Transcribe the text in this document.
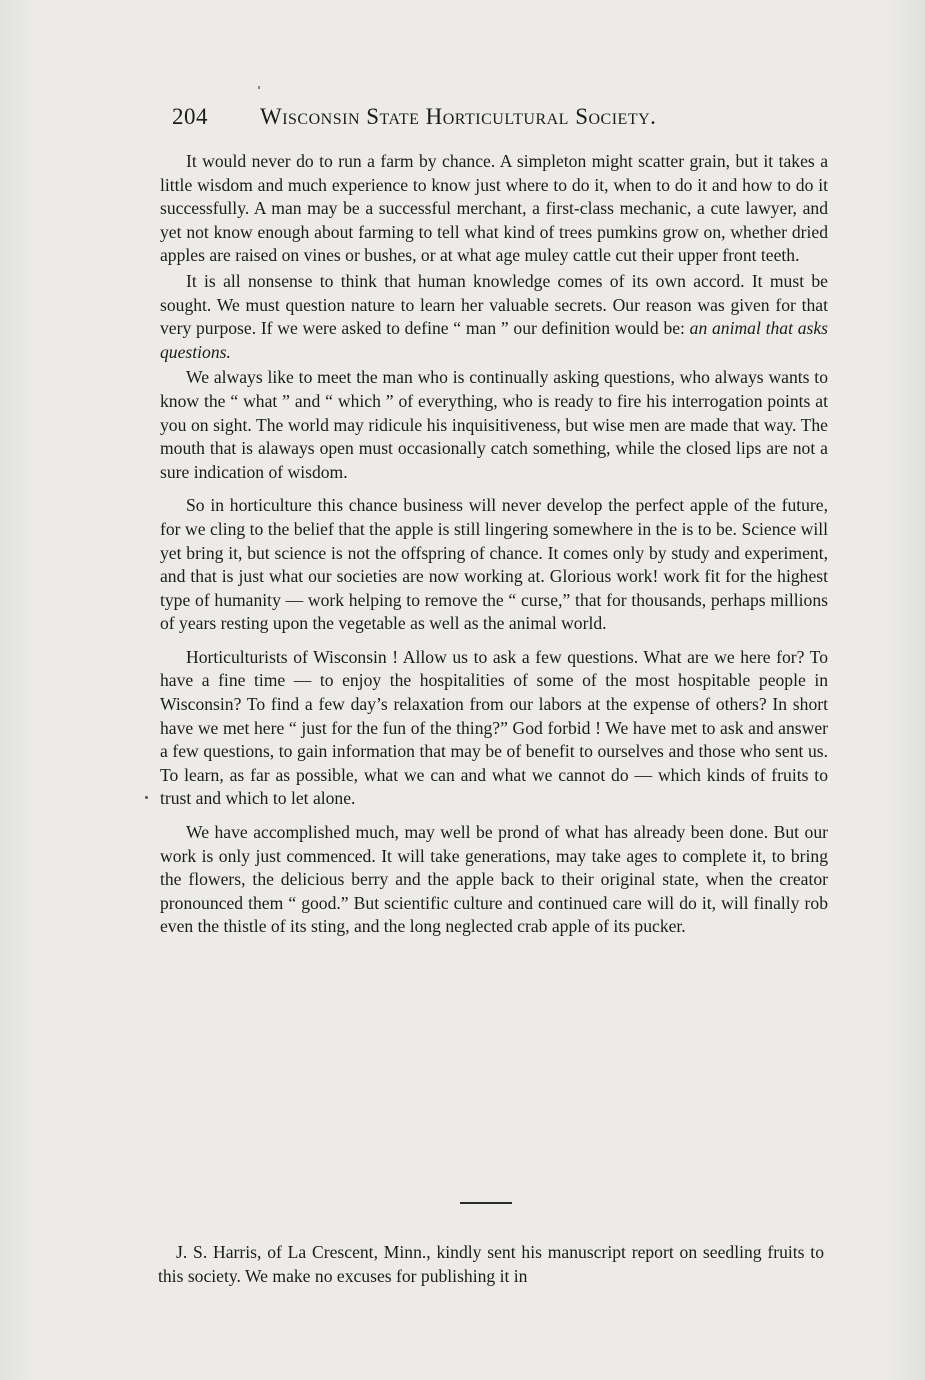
204 Wisconsin State Horticultural Society.

It would never do to run a farm by chance. A simpleton might scatter grain, but it takes a little wisdom and much experience to know just where to do it, when to do it and how to do it successfully. A man may be a successful merchant, a first-class mechanic, a cute lawyer, and yet not know enough about farming to tell what kind of trees pumkins grow on, whether dried apples are raised on vines or bushes, or at what age muley cattle cut their upper front teeth.

It is all nonsense to think that human knowledge comes of its own accord. It must be sought. We must question nature to learn her valuable secrets. Our reason was given for that very purpose. If we were asked to define “ man ” our definition would be: an animal that asks questions.

We always like to meet the man who is continually asking questions, who always wants to know the “ what ” and “ which ” of everything, who is ready to fire his interrogation points at you on sight. The world may ridicule his inquisitiveness, but wise men are made that way. The mouth that is alaways open must occasionally catch something, while the closed lips are not a sure indication of wisdom.

So in horticulture this chance business will never develop the perfect apple of the future, for we cling to the belief that the apple is still lingering somewhere in the is to be. Science will yet bring it, but science is not the offspring of chance. It comes only by study and experiment, and that is just what our societies are now working at. Glorious work! work fit for the highest type of humanity — work helping to remove the “ curse,” that for thousands, perhaps millions of years resting upon the vegetable as well as the animal world.

Horticulturists of Wisconsin ! Allow us to ask a few questions. What are we here for? To have a fine time — to enjoy the hospitalities of some of the most hospitable people in Wisconsin? To find a few day’s relaxation from our labors at the expense of others? In short have we met here “ just for the fun of the thing?” God forbid ! We have met to ask and answer a few questions, to gain information that may be of benefit to ourselves and those who sent us. To learn, as far as possible, what we can and what we cannot do — which kinds of fruits to trust and which to let alone.

We have accomplished much, may well be prond of what has already been done. But our work is only just commenced. It will take generations, may take ages to complete it, to bring the flowers, the delicious berry and the apple back to their original state, when the creator pronounced them “ good.” But scientific culture and continued care will do it, will finally rob even the thistle of its sting, and the long neglected crab apple of its pucker.

J. S. Harris, of La Crescent, Minn., kindly sent his manuscript report on seedling fruits to this society. We make no excuses for publishing it in
